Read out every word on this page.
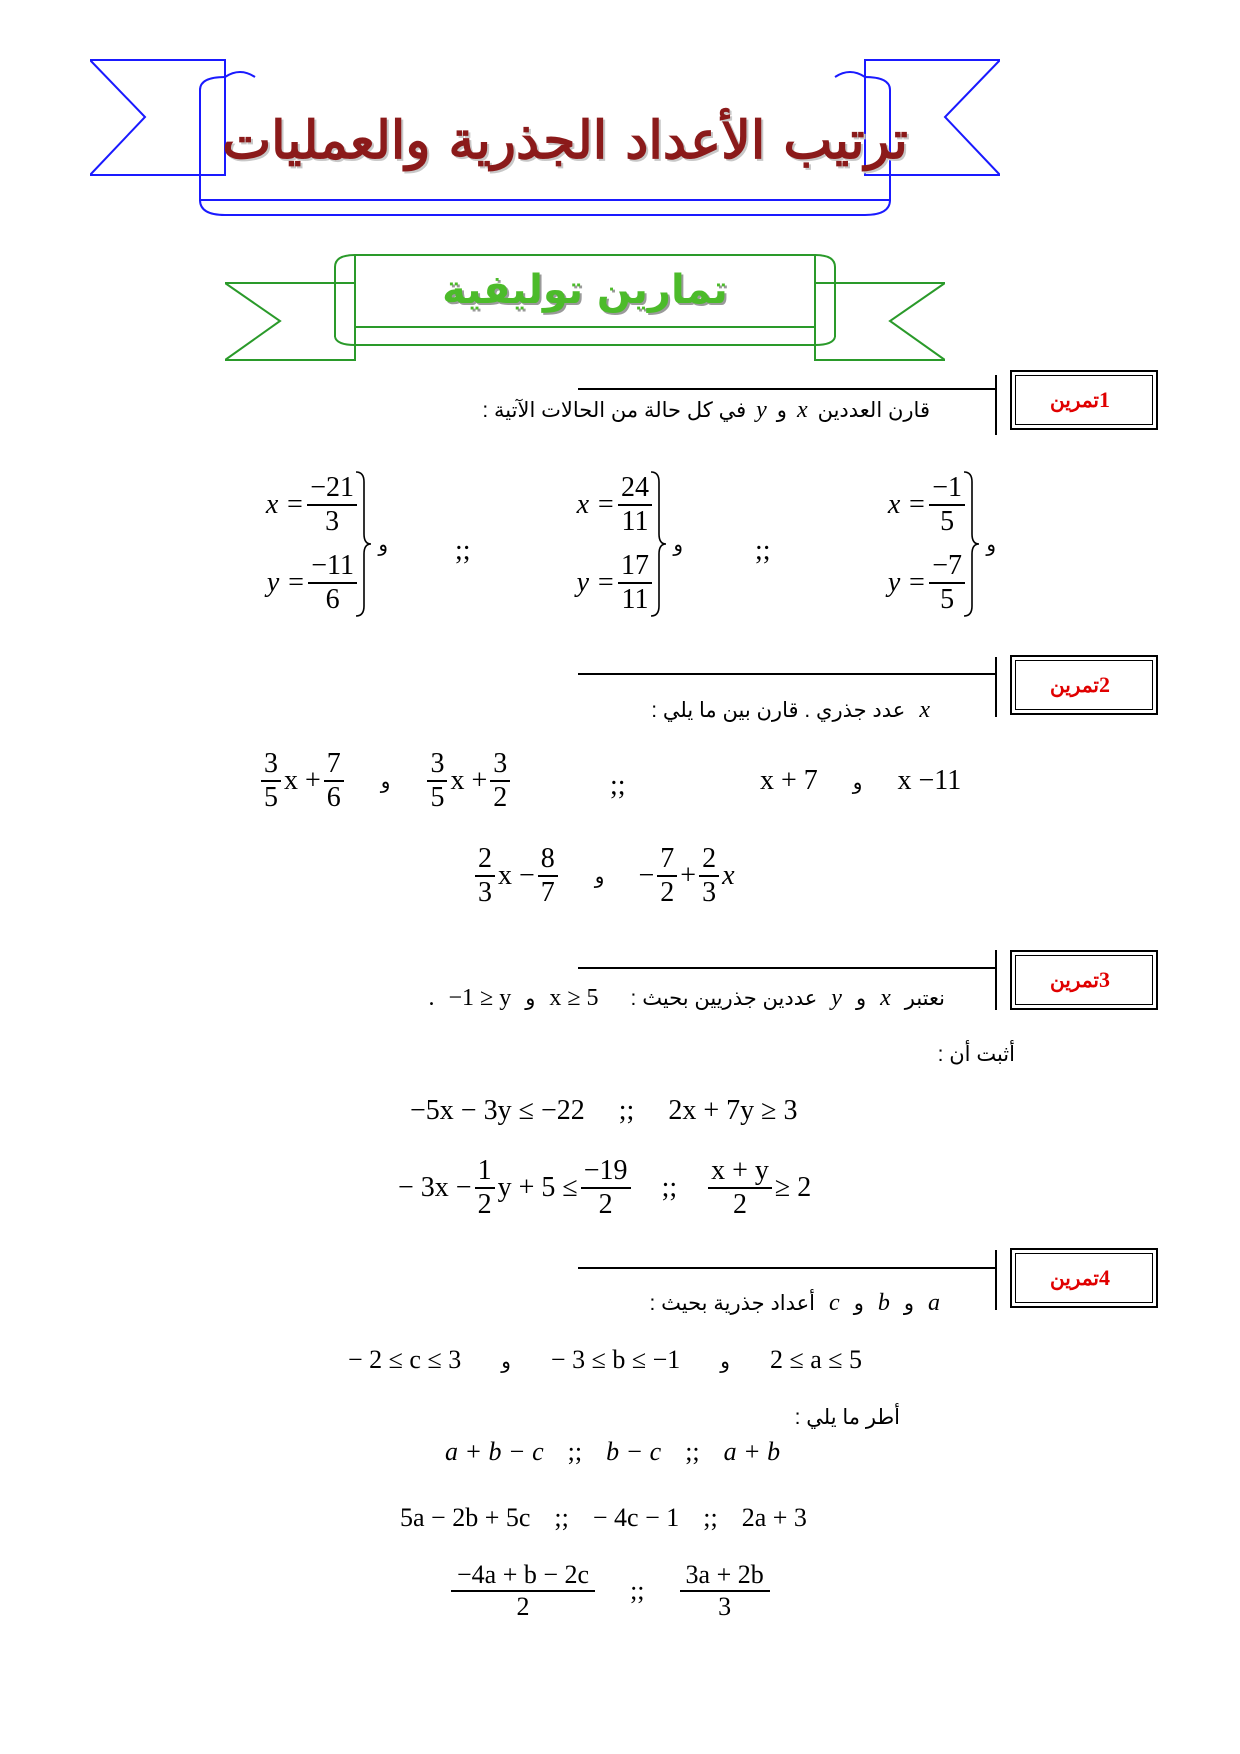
ترتيب الأعداد الجذرية والعمليات
تمارين توليفية
تمرين 1
قارن العددين
x
و
y
في كل حالة من الحالات الآتية :
و
$x = \frac{-1}{5}$
$y = \frac{-7}{5}$
و
$x = \frac{24}{11}$
$y = \frac{17}{11}$
و
$x = \frac{-21}{3}$
$y = \frac{-11}{6}$	;;	;;
تمرين 2
x
عدد جذري . قارن بين ما يلي :
x + 7 و x −11
;;
$\frac{3}{5}$ $x + \frac{7}{6}$ و $\frac{3}{5}$ $x + \frac{3}{2}$
$\frac{2}{3}$ $x - \frac{8}{7}$ و − $\frac{7}{2} + \frac{2}{3}$ x
تمرين 3
نعتبر
x
و
y
عددين جذريين بحيث :
x ≥ 5
و
−1 ≥ y
.
أثبت أن :
−5x − 3y ≤ −22 ;; 2x + 7y ≥ 3
− $3x - \frac{1}{2}$ $y + 5 \le \frac{-19}{2}$ ;; $\frac{x + y}{2} \ge 2$
تمرين 4
a
و
b
و
c
أعداد جذرية بحيث :
− 2 ≤ c ≤ 3 و − 3 ≤ b ≤ −1 و 2 ≤ a ≤ 5
أطر ما يلي :
a + b − c ;; b − c ;; a + b
5a − 2b + 5c ;; − 4c − 1 ;; 2a + 3
$\frac{-4a + b - 2c}{2}$ ;; $\frac{3a + 2b}{3}$
